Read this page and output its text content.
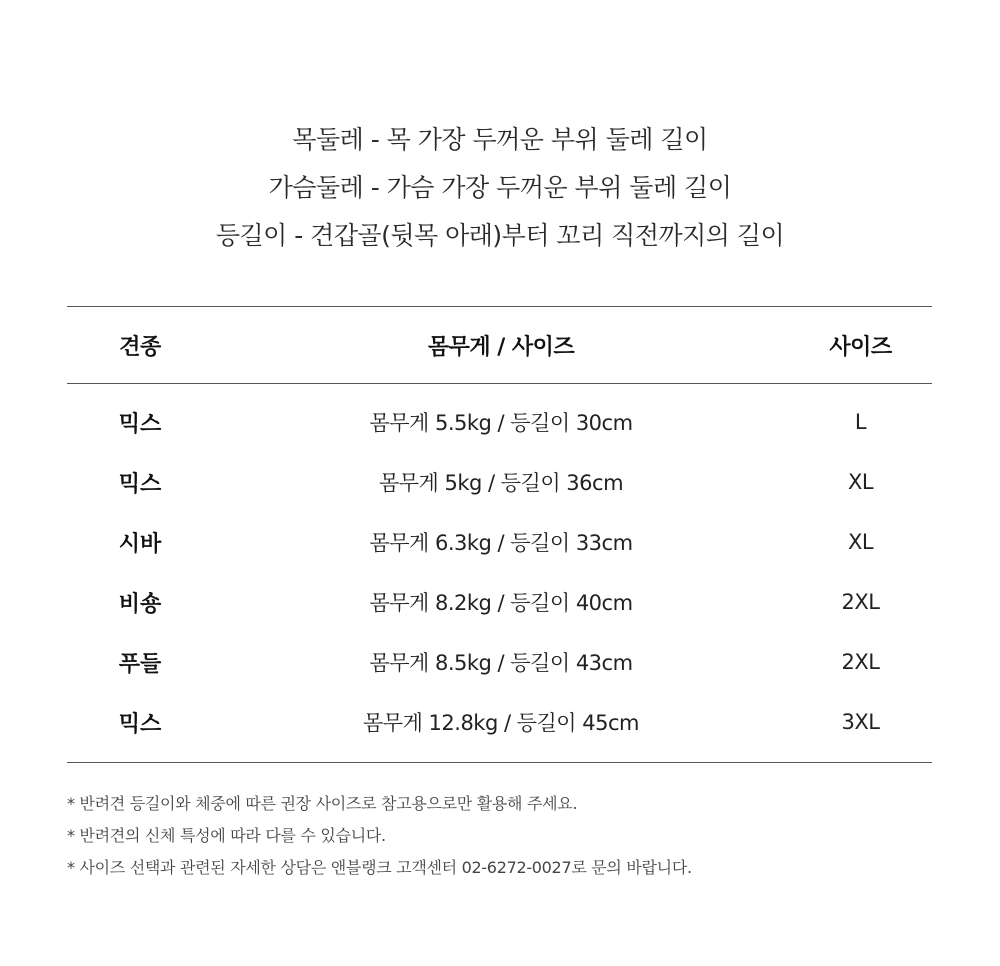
목둘레 - 목 가장 두꺼운 부위 둘레 길이
가슴둘레 - 가슴 가장 두꺼운 부위 둘레 길이
등길이 - 견갑골(뒷목 아래)부터 꼬리 직전까지의 길이
견종	몸무게 / 사이즈	사이즈
믹스	몸무게 5.5kg / 등길이 30cm	L
믹스	몸무게 5kg / 등길이 36cm	XL
시바	몸무게 6.3kg / 등길이 33cm	XL
비숑	몸무게 8.2kg / 등길이 40cm	2XL
푸들	몸무게 8.5kg / 등길이 43cm	2XL
믹스	몸무게 12.8kg / 등길이 45cm	3XL
* 반려견 등길이와 체중에 따른 권장 사이즈로 참고용으로만 활용해 주세요.
* 반려견의 신체 특성에 따라 다를 수 있습니다.
* 사이즈 선택과 관련된 자세한 상담은 앤블랭크 고객센터 02-6272-0027로 문의 바랍니다.
